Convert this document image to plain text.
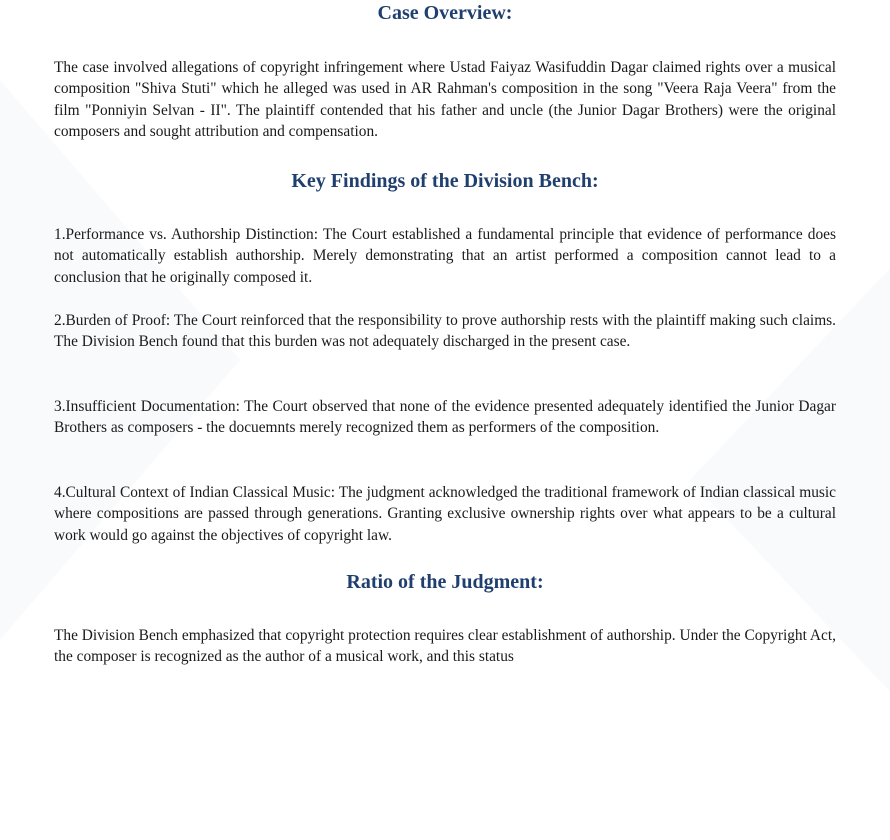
Case Overview:

The case involved allegations of copyright infringement where Ustad Faiyaz Wasifuddin Dagar claimed rights over a musical composition "Shiva Stuti" which he alleged was used in AR Rahman's composition in the song "Veera Raja Veera" from the film "Ponniyin Selvan - II". The plaintiff contended that his father and uncle (the Junior Dagar Brothers) were the original composers and sought attribution and compensation.

Key Findings of the Division Bench:

1.Performance vs. Authorship Distinction: The Court established a fundamental principle that evidence of performance does not automatically establish authorship. Merely demonstrating that an artist performed a composition cannot lead to a conclusion that he originally composed it.

2.Burden of Proof: The Court reinforced that the responsibility to prove authorship rests with the plaintiff making such claims. The Division Bench found that this burden was not adequately discharged in the present case.

3.Insufficient Documentation: The Court observed that none of the evidence presented adequately identified the Junior Dagar Brothers as composers - the docuemnts merely recognized them as performers of the composition.

4.Cultural Context of Indian Classical Music: The judgment acknowledged the traditional framework of Indian classical music where compositions are passed through generations. Granting exclusive ownership rights over what appears to be a cultural work would go against the objectives of copyright law.

Ratio of the Judgment:

The Division Bench emphasized that copyright protection requires clear establishment of authorship. Under the Copyright Act, the composer is recognized as the author of a musical work, and this status
